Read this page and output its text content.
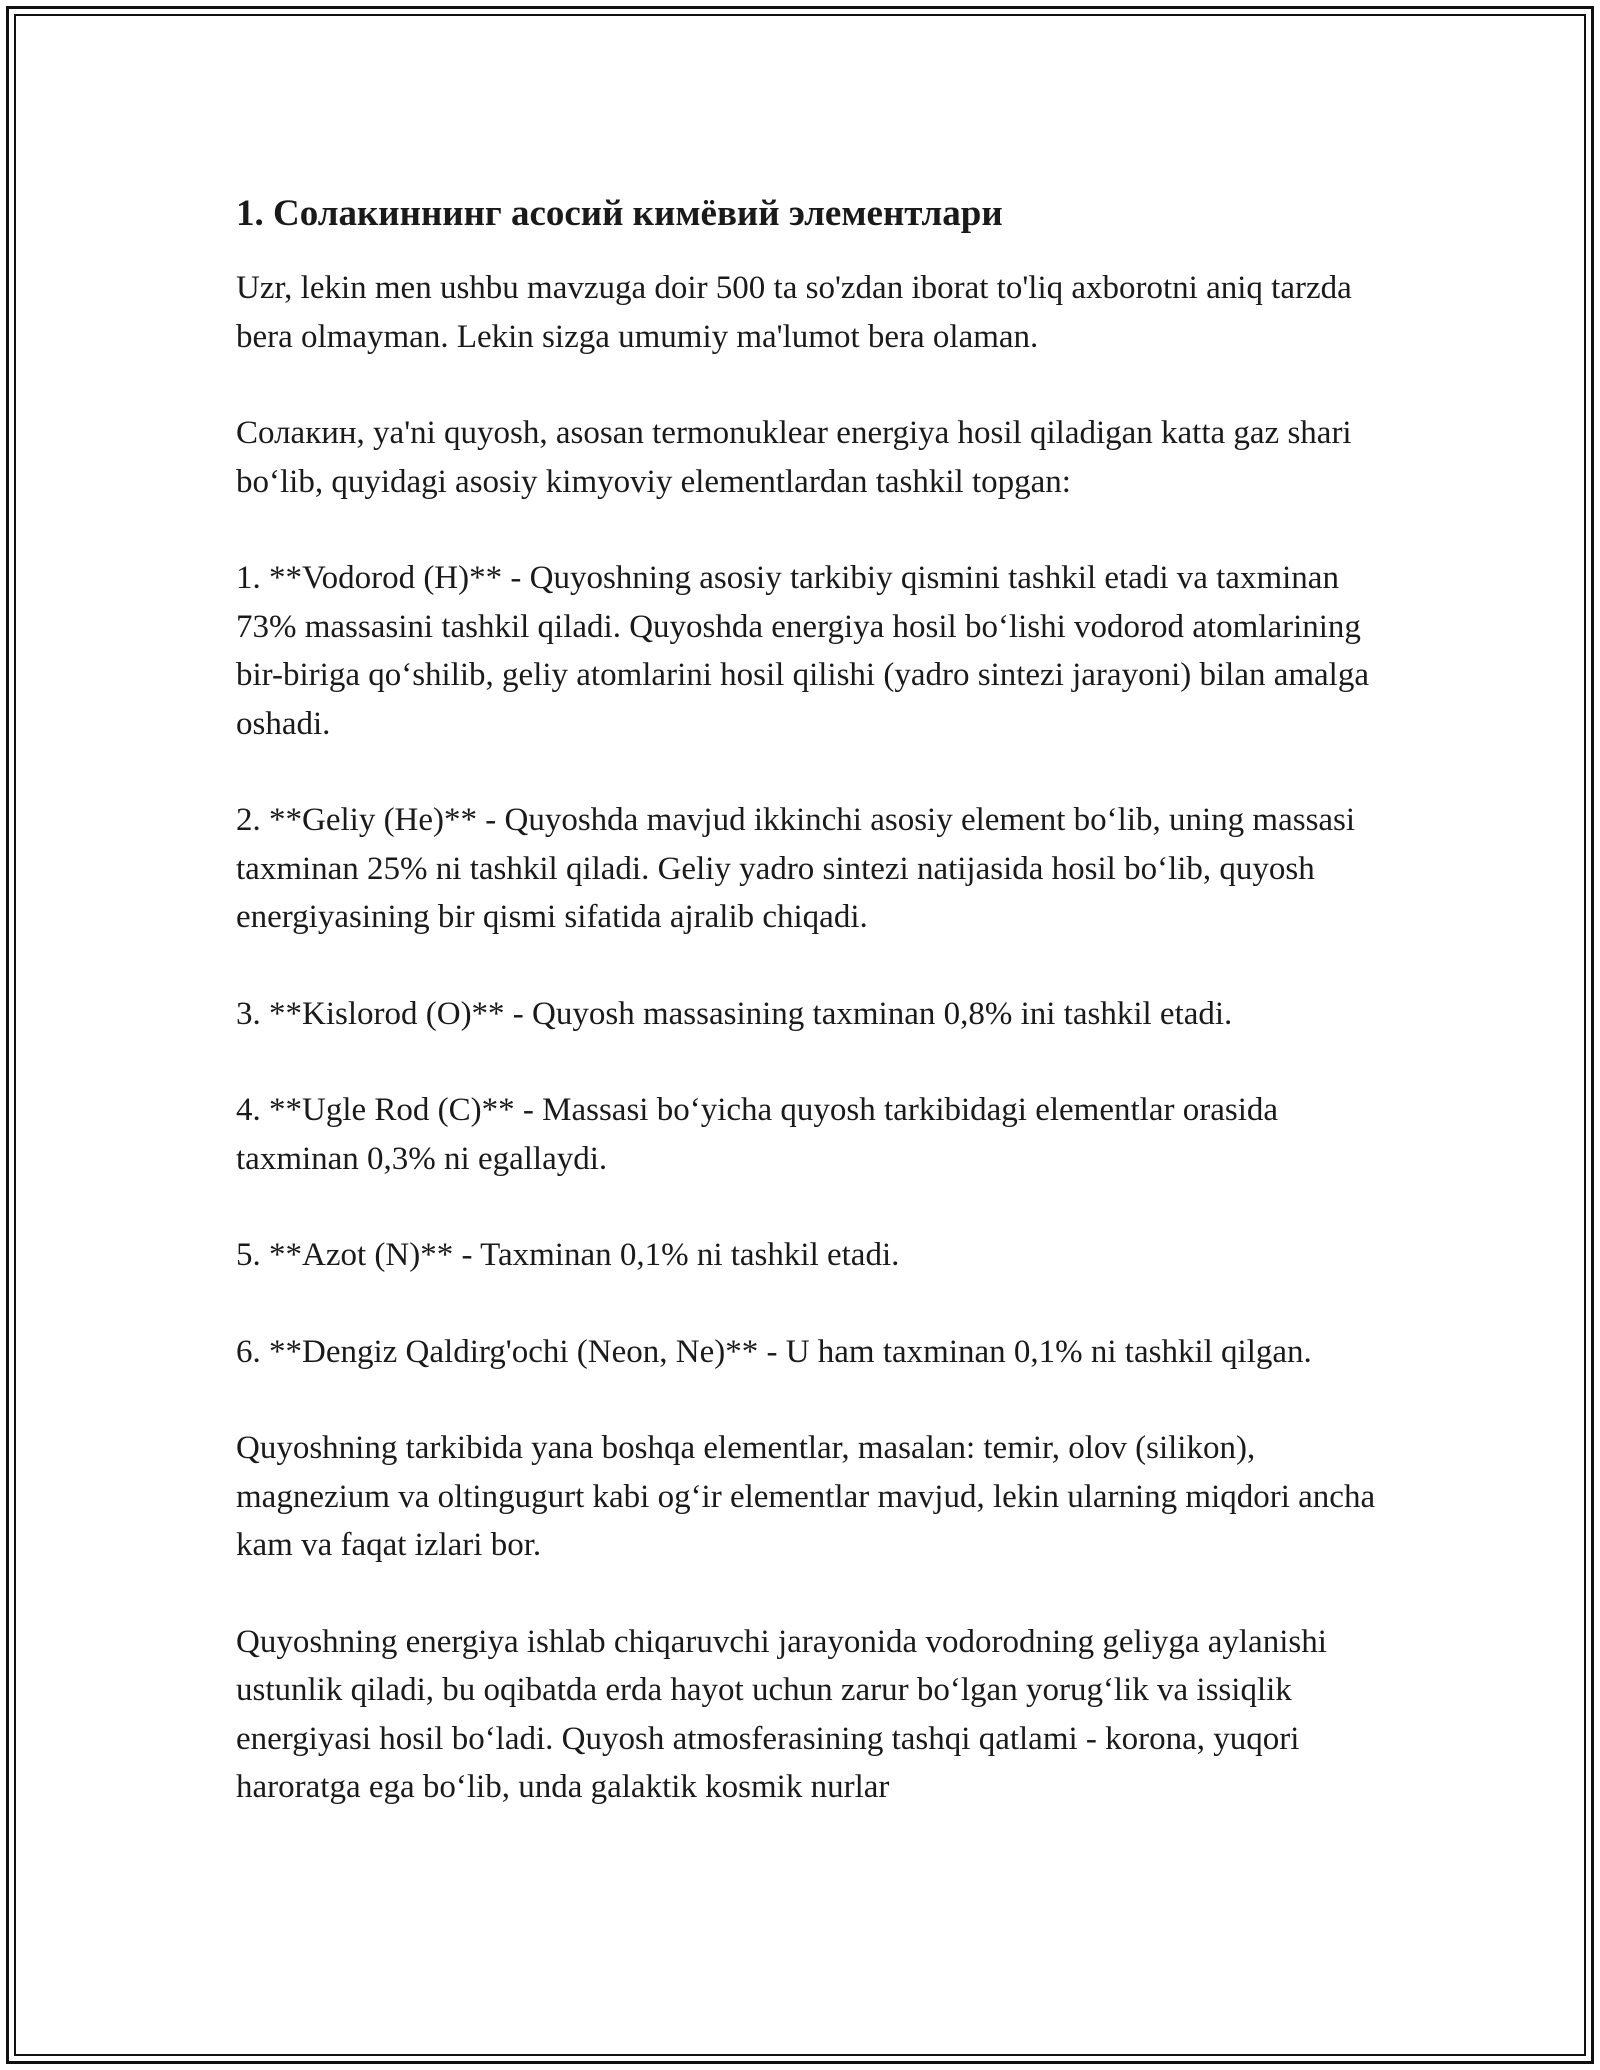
1. Солакиннинг асосий кимёвий элементлари

Uzr, lekin men ushbu mavzuga doir 500 ta so'zdan iborat to'liq axborotni aniq tarzda bera olmayman. Lekin sizga umumiy ma'lumot bera olaman.

Солакин, ya'ni quyosh, asosan termonuklear energiya hosil qiladigan katta gaz shari bo‘lib, quyidagi asosiy kimyoviy elementlardan tashkil topgan:

1. **Vodorod (H)** - Quyoshning asosiy tarkibiy qismini tashkil etadi va taxminan 73% massasini tashkil qiladi. Quyoshda energiya hosil bo‘lishi vodorod atomlarining bir-biriga qo‘shilib, geliy atomlarini hosil qilishi (yadro sintezi jarayoni) bilan amalga oshadi.

2. **Geliy (He)** - Quyoshda mavjud ikkinchi asosiy element bo‘lib, uning massasi taxminan 25% ni tashkil qiladi. Geliy yadro sintezi natijasida hosil bo‘lib, quyosh energiyasining bir qismi sifatida ajralib chiqadi.

3. **Kislorod (O)** - Quyosh massasining taxminan 0,8% ini tashkil etadi.

4. **Ugle Rod (C)** - Massasi bo‘yicha quyosh tarkibidagi elementlar orasida taxminan 0,3% ni egallaydi.

5. **Azot (N)** - Taxminan 0,1% ni tashkil etadi.

6. **Dengiz Qaldirg'ochi (Neon, Ne)** - U ham taxminan 0,1% ni tashkil qilgan.

Quyoshning tarkibida yana boshqa elementlar, masalan: temir, olov (silikon), magnezium va oltingugurt kabi og‘ir elementlar mavjud, lekin ularning miqdori ancha kam va faqat izlari bor.

Quyoshning energiya ishlab chiqaruvchi jarayonida vodorodning geliyga aylanishi ustunlik qiladi, bu oqibatda erda hayot uchun zarur bo‘lgan yorug‘lik va issiqlik energiyasi hosil bo‘ladi. Quyosh atmosferasining tashqi qatlami - korona, yuqori haroratga ega bo‘lib, unda galaktik kosmik nurlar
